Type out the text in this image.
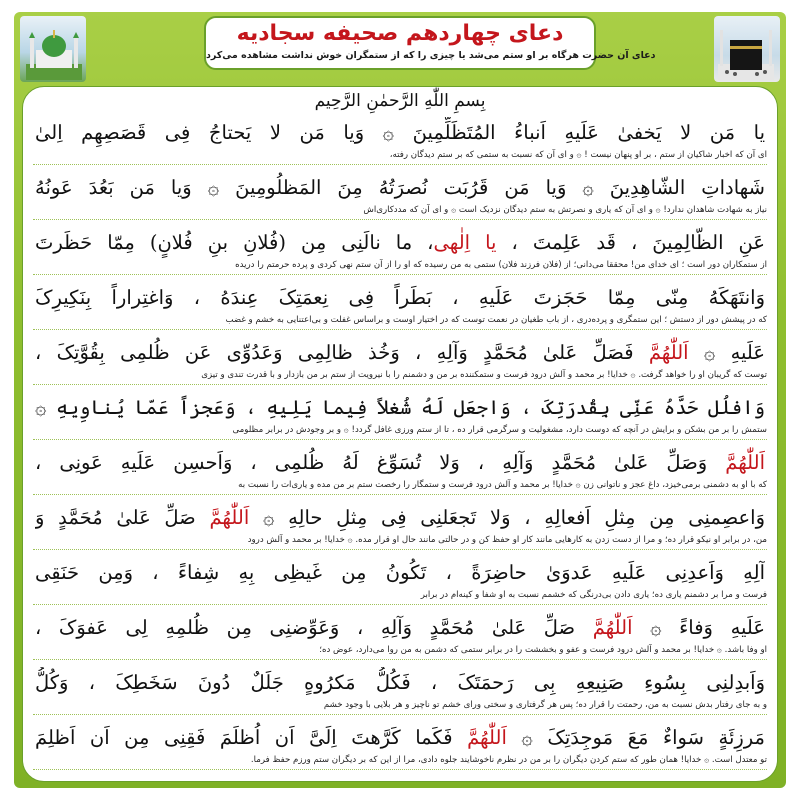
دعای چهاردهم صحیفه سجادیه
دعای آن حضرت هرگاه بر او ستم می‌شد یا چیزی را که از ستمگران خوش نداشت مشاهده می‌کرد
بِسمِ اللّٰهِ الرَّحمٰنِ الرَّحِیم
یا مَن لا یَخفیٰ عَلَیهِ اَنباءُ المُتَظَلِّمِینَ ۞ وَیا مَن لا یَحتاجُ فِی قَصَصِهِم اِلیٰ
ای آن که اخبار شاکیان از ستم ، بر او پنهان نیست ! ۞ و ای آن که نسبت به ستمی که بر ستم دیدگان رفته،
شَهاداتِ الشّاهِدِینَ ۞ وَیا مَن قَرُبَت نُصرَتُهُ مِنَ المَظلُومِینَ ۞ وَیا مَن بَعُدَ عَونُهُ
نیاز به شهادت شاهدان ندارد! ۞ و ای آن که یاری و نصرتش به ستم دیدگان نزدیک است ۞ و ای آن که مددکاری‌اش
عَنِ الظّالِمِینَ ، قَد عَلِمتَ ، یا اِلٰهی، ما نالَنِی مِن (فُلانِ بنِ فُلانٍ) مِمّا حَظَرتَ
از ستمکاران دور است ؛ ای خدای من! محققا می‌دانی؛ از (فلان فرزند فلان) ستمی به من رسیده که او را از آن ستم نهی کردی و پرده حرمتم را دریده
وَانتَهَکَهُ مِنّی مِمّا حَجَزتَ عَلَیهِ ، بَطَراً فِی نِعمَتِکَ عِندَهُ ، وَاغتِراراً بِنَکِیرِکَ
که در پیشش دور از دستش ؛ این ستمگری و پرده‌دری ، از باب طغیان در نعمت توست که در اختیار اوست و براساس غفلت و بی‌اعتنایی به خشم و غضب
عَلَیهِ ۞ اَللّٰهُمَّ فَصَلِّ عَلیٰ مُحَمَّدٍ وَآلِهِ ، وَخُذ ظالِمِی وَعَدُوِّی عَن ظُلمِی بِقُوَّتِکَ ،
توست که گریبان او را خواهد گرفت. ۞ خدایا! بر محمد و آلش درود فرست و ستمکننده بر من و دشمنم را با نیرویت از ستم بر من بازدار و با قدرت تندی و تیزی
وَافلُل حَدَّهُ عَنِّی بِقُدرَتِکَ ، وَاجعَل لَهُ شُغلاً فِیما یَلِیهِ ، وَعَجزاً عَمّا یُناوِیهِ ۞
ستمش را بر من بشکن و برایش در آنچه که دوست دارد، مشغولیت و سرگرمی قرار ده ، تا از ستم ورزی غافل گردد! ۞ و بر وجودش در برابر مظلومی
اَللّٰهُمَّ وَصَلِّ عَلیٰ مُحَمَّدٍ وَآلِهِ ، وَلا تُسَوِّغ لَهُ ظُلمِی ، وَاَحسِن عَلَیهِ عَونِی ،
که با او به دشمنی برمی‌خیزد، داغ عجز و ناتوانی زن ۞ خدایا! بر محمد و آلش درود فرست و ستمگار را رخصت ستم بر من مده و یاری‌ات را نسبت به
وَاعصِمنِی مِن مِثلِ اَفعالِهِ ، وَلا تَجعَلنِی فِی مِثلِ حالِهِ ۞ اَللّٰهُمَّ صَلِّ عَلیٰ مُحَمَّدٍ وَ
من، در برابر او نیکو قرار ده؛ و مرا از دست زدن به کارهایی مانند کار او حفظ کن و در حالتی مانند حال او قرار مده. ۞ خدایا! بر محمد و آلش درود
آلِهِ وَاَعدِنِی عَلَیهِ عَدوَیٰ حاضِرَةً ، تَکُونُ مِن غَیظِی بِهِ شِفاءً ، وَمِن حَنَقِی
فرست و مرا بر دشمنم یاری ده؛ یاری دادن بی‌درنگی که خشمم نسبت به او شفا و کینه‌ام در برابر
عَلَیهِ وَفاءً ۞ اَللّٰهُمَّ صَلِّ عَلیٰ مُحَمَّدٍ وَآلِهِ ، وَعَوِّضنِی مِن ظُلمِهِ لِی عَفوَکَ ،
او وفا باشد. ۞ خدایا! بر محمد و آلش درود فرست و عفو و بخششت را در برابر ستمی که دشمن به من روا می‌دارد، عوض ده؛
وَاَبدِلنِی بِسُوءِ صَنِیعِهِ بِی رَحمَتَکَ ، فَکُلُّ مَکرُوهٍ جَلَلٌ دُونَ سَخَطِکَ ، وَکُلُّ
و به جای رفتار بدش نسبت به من، رحمتت را قرار ده؛ پس هر گرفتاری و سختی ورای خشم تو ناچیز و هر بلایی با وجود خشم
مَرزِئَةٍ سَواءٌ مَعَ مَوجِدَتِکَ ۞ اَللّٰهُمَّ فَکَما کَرَّهتَ اِلَیَّ اَن اُظلَمَ فَقِنِی مِن اَن اَظلِمَ
تو معتدل است. ۞ خدایا! همان طور که ستم کردن دیگران را بر من در نظرم ناخوشایند جلوه دادی، مرا از این که بر دیگران ستم ورزم حفظ فرما.
